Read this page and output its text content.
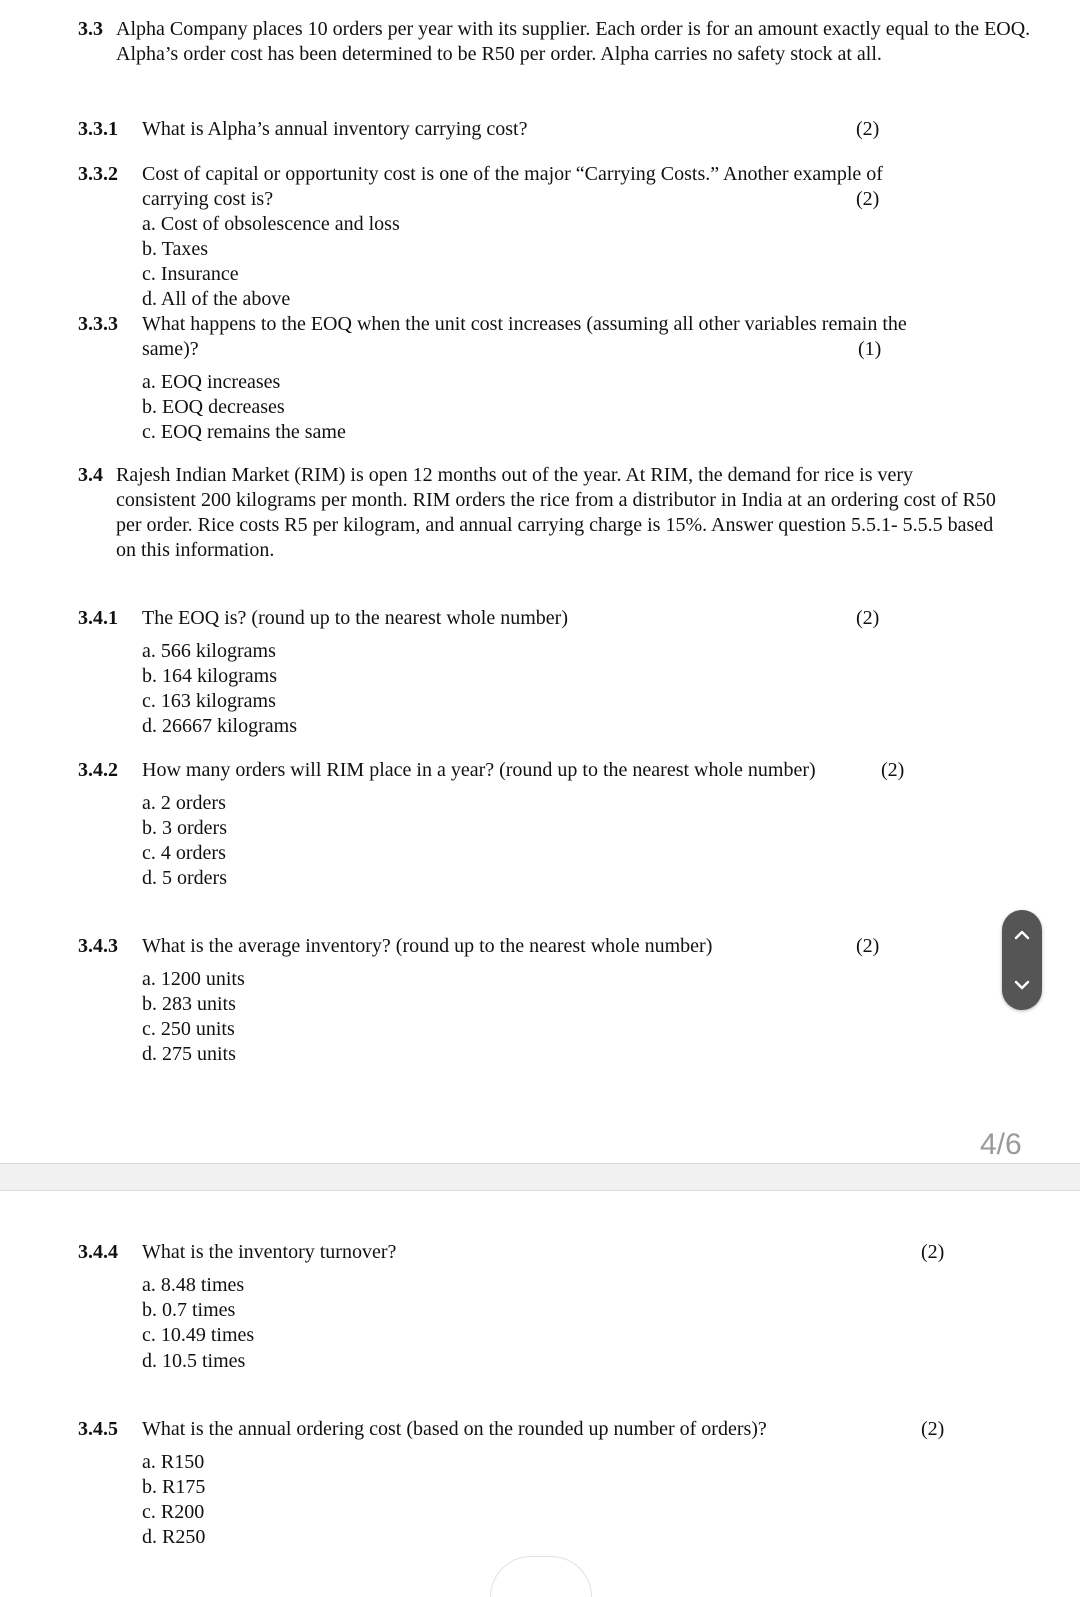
3.3 Alpha Company places 10 orders per year with its supplier. Each order is for an amount exactly equal to the EOQ. Alpha’s order cost has been determined to be R50 per order. Alpha carries no safety stock at all.
3.3.1 What is Alpha’s annual inventory carrying cost?	(2)
3.3.2 Cost of capital or opportunity cost is one of the major “Carrying Costs.” Another example of
carrying cost is?	(2)
a. Cost of obsolescence and loss
b. Taxes
c. Insurance
d. All of the above
3.3.3 What happens to the EOQ when the unit cost increases (assuming all other variables remain the
same)?	(1)
a. EOQ increases
b. EOQ decreases
c. EOQ remains the same
3.4 Rajesh Indian Market (RIM) is open 12 months out of the year. At RIM, the demand for rice is very consistent 200 kilograms per month. RIM orders the rice from a distributor in India at an ordering cost of R50 per order. Rice costs R5 per kilogram, and annual carrying charge is 15%. Answer question 5.5.1- 5.5.5 based on this information.
3.4.1 The EOQ is? (round up to the nearest whole number)	(2)
a. 566 kilograms
b. 164 kilograms
c. 163 kilograms
d. 26667 kilograms
3.4.2 How many orders will RIM place in a year? (round up to the nearest whole number)	(2)
a. 2 orders
b. 3 orders
c. 4 orders
d. 5 orders
3.4.3 What is the average inventory? (round up to the nearest whole number)	(2)
a. 1200 units
b. 283 units
c. 250 units
d. 275 units
4/6
3.4.4 What is the inventory turnover?	(2)
a. 8.48 times
b. 0.7 times
c. 10.49 times
d. 10.5 times
3.4.5 What is the annual ordering cost (based on the rounded up number of orders)?	(2)
a. R150
b. R175
c. R200
d. R250
